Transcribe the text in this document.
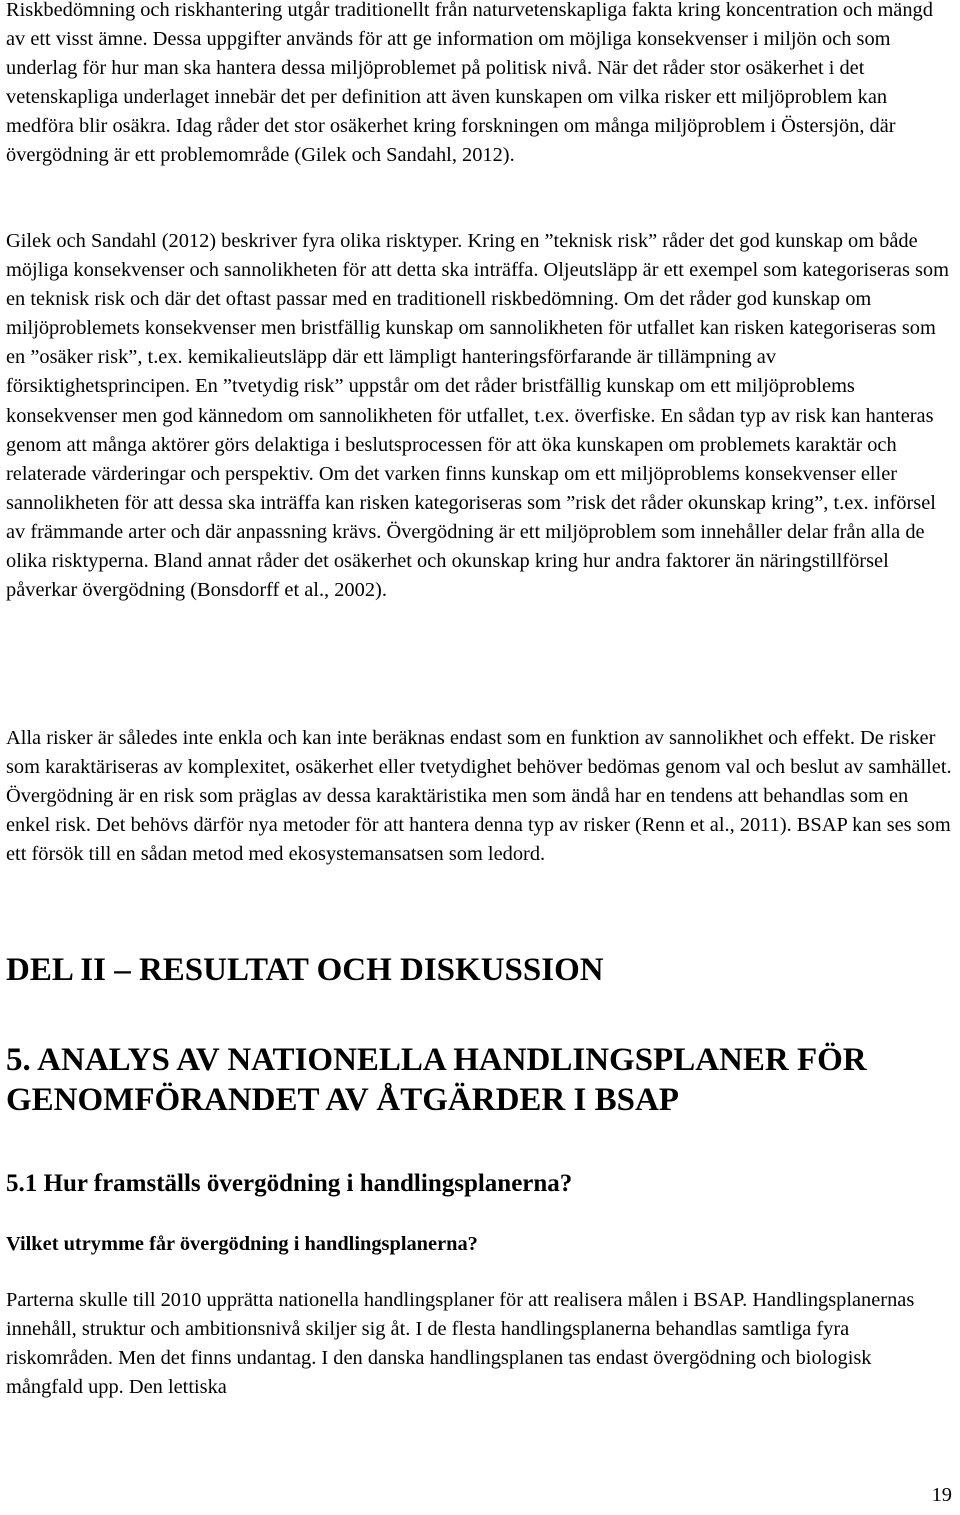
Riskbedömning och riskhantering utgår traditionellt från naturvetenskapliga fakta kring koncentration och mängd av ett visst ämne. Dessa uppgifter används för att ge information om möjliga konsekvenser i miljön och som underlag för hur man ska hantera dessa miljöproblemet på politisk nivå. När det råder stor osäkerhet i det vetenskapliga underlaget innebär det per definition att även kunskapen om vilka risker ett miljöproblem kan medföra blir osäkra. Idag råder det stor osäkerhet kring forskningen om många miljöproblem i Östersjön, där övergödning är ett problemområde (Gilek och Sandahl, 2012).

Gilek och Sandahl (2012) beskriver fyra olika risktyper. Kring en ”teknisk risk” råder det god kunskap om både möjliga konsekvenser och sannolikheten för att detta ska inträffa. Oljeutsläpp är ett exempel som kategoriseras som en teknisk risk och där det oftast passar med en traditionell riskbedömning. Om det råder god kunskap om miljöproblemets konsekvenser men bristfällig kunskap om sannolikheten för utfallet kan risken kategoriseras som en ”osäker risk”, t.ex. kemikalieutsläpp där ett lämpligt hanteringsförfarande är tillämpning av försiktighetsprincipen. En ”tvetydig risk” uppstår om det råder bristfällig kunskap om ett miljöproblems konsekvenser men god kännedom om sannolikheten för utfallet, t.ex. överfiske. En sådan typ av risk kan hanteras genom att många aktörer görs delaktiga i beslutsprocessen för att öka kunskapen om problemets karaktär och relaterade värderingar och perspektiv. Om det varken finns kunskap om ett miljöproblems konsekvenser eller sannolikheten för att dessa ska inträffa kan risken kategoriseras som ”risk det råder okunskap kring”, t.ex. införsel av främmande arter och där anpassning krävs. Övergödning är ett miljöproblem som innehåller delar från alla de olika risktyperna. Bland annat råder det osäkerhet och okunskap kring hur andra faktorer än näringstillförsel påverkar övergödning (Bonsdorff et al., 2002).

Alla risker är således inte enkla och kan inte beräknas endast som en funktion av sannolikhet och effekt. De risker som karaktäriseras av komplexitet, osäkerhet eller tvetydighet behöver bedömas genom val och beslut av samhället. Övergödning är en risk som präglas av dessa karaktäristika men som ändå har en tendens att behandlas som en enkel risk. Det behövs därför nya metoder för att hantera denna typ av risker (Renn et al., 2011). BSAP kan ses som ett försök till en sådan metod med ekosystemansatsen som ledord.

DEL II – RESULTAT OCH DISKUSSION
5. ANALYS AV NATIONELLA HANDLINGSPLANER FÖR GENOMFÖRANDET AV ÅTGÄRDER I BSAP
5.1 Hur framställs övergödning i handlingsplanerna?
Vilket utrymme får övergödning i handlingsplanerna?

Parterna skulle till 2010 upprätta nationella handlingsplaner för att realisera målen i BSAP. Handlingsplanernas innehåll, struktur och ambitionsnivå skiljer sig åt. I de flesta handlingsplanerna behandlas samtliga fyra riskområden. Men det finns undantag. I den danska handlingsplanen tas endast övergödning och biologisk mångfald upp. Den lettiska

19
